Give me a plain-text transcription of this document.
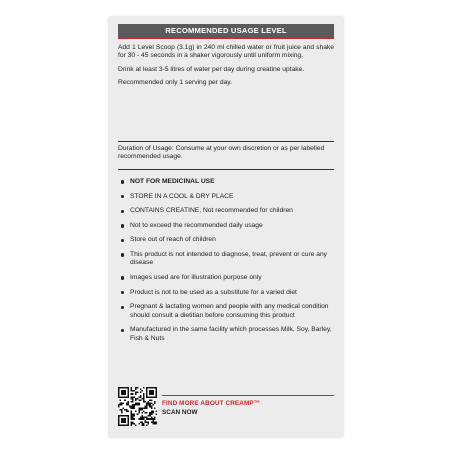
RECOMMENDED USAGE LEVEL

Add 1 Level Scoop (3.1g) in 240 ml chilled water or fruit juice and shake for 30 - 45 seconds in a shaker vigorously until uniform mixing.

Drink at least 3-5 litres of water per day during creatine uptake.

Recommended only 1 serving per day.

Duration of Usage: Consume at your own discretion or as per labelled recommended usage.
NOT FOR MEDICINAL USE
STORE IN A COOL & DRY PLACE
CONTAINS CREATINE, Not recommended for children
Not to exceed the recommended daily usage
Store out of reach of children
This product is not intended to diagnose, treat, prevent or cure any disease
Images used are for illustration purpose only
Product is not to be used as a substitute for a varied diet
Pregnant & lactating women and people with any medical condition should consult a dietitian before consuming this product
Manufactured in the same facility which processes Milk, Soy, Barley, Fish & Nuts
FIND MORE ABOUT CREAMP™
SCAN NOW
